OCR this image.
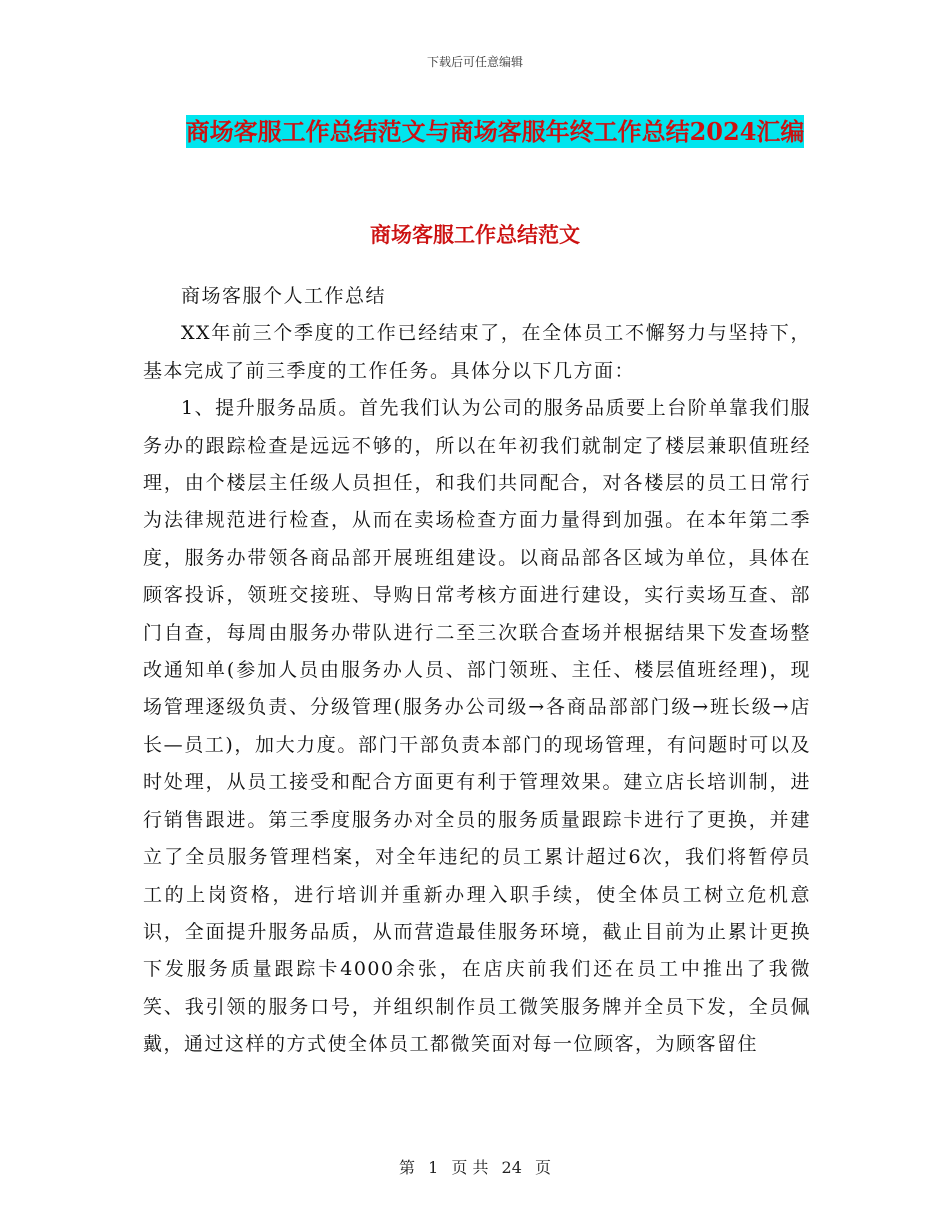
下载后可任意编辑
商场客服工作总结范文与商场客服年终工作总结2024汇编
商场客服工作总结范文

商场客服个人工作总结

XX年前三个季度的工作已经结束了，在全体员工不懈努力与坚持下，基本完成了前三季度的工作任务。具体分以下几方面：

1、提升服务品质。首先我们认为公司的服务品质要上台阶单靠我们服务办的跟踪检查是远远不够的，所以在年初我们就制定了楼层兼职值班经理，由个楼层主任级人员担任，和我们共同配合，对各楼层的员工日常行为法律规范进行检查，从而在卖场检查方面力量得到加强。在本年第二季度，服务办带领各商品部开展班组建设。以商品部各区域为单位，具体在顾客投诉，领班交接班、导购日常考核方面进行建设，实行卖场互查、部门自查，每周由服务办带队进行二至三次联合查场并根据结果下发查场整改通知单(参加人员由服务办人员、部门领班、主任、楼层值班经理)，现场管理逐级负责、分级管理(服务办公司级→各商品部部门级→班长级→店长—员工)，加大力度。部门干部负责本部门的现场管理，有问题时可以及时处理，从员工接受和配合方面更有利于管理效果。建立店长培训制，进行销售跟进。第三季度服务办对全员的服务质量跟踪卡进行了更换，并建立了全员服务管理档案，对全年违纪的员工累计超过6次，我们将暂停员工的上岗资格，进行培训并重新办理入职手续，使全体员工树立危机意识，全面提升服务品质，从而营造最佳服务环境，截止目前为止累计更换下发服务质量跟踪卡4000余张，在店庆前我们还在员工中推出了我微笑、我引领的服务口号，并组织制作员工微笑服务牌并全员下发，全员佩戴，通过这样的方式使全体员工都微笑面对每一位顾客，为顾客留住

第 1 页 共 24 页
